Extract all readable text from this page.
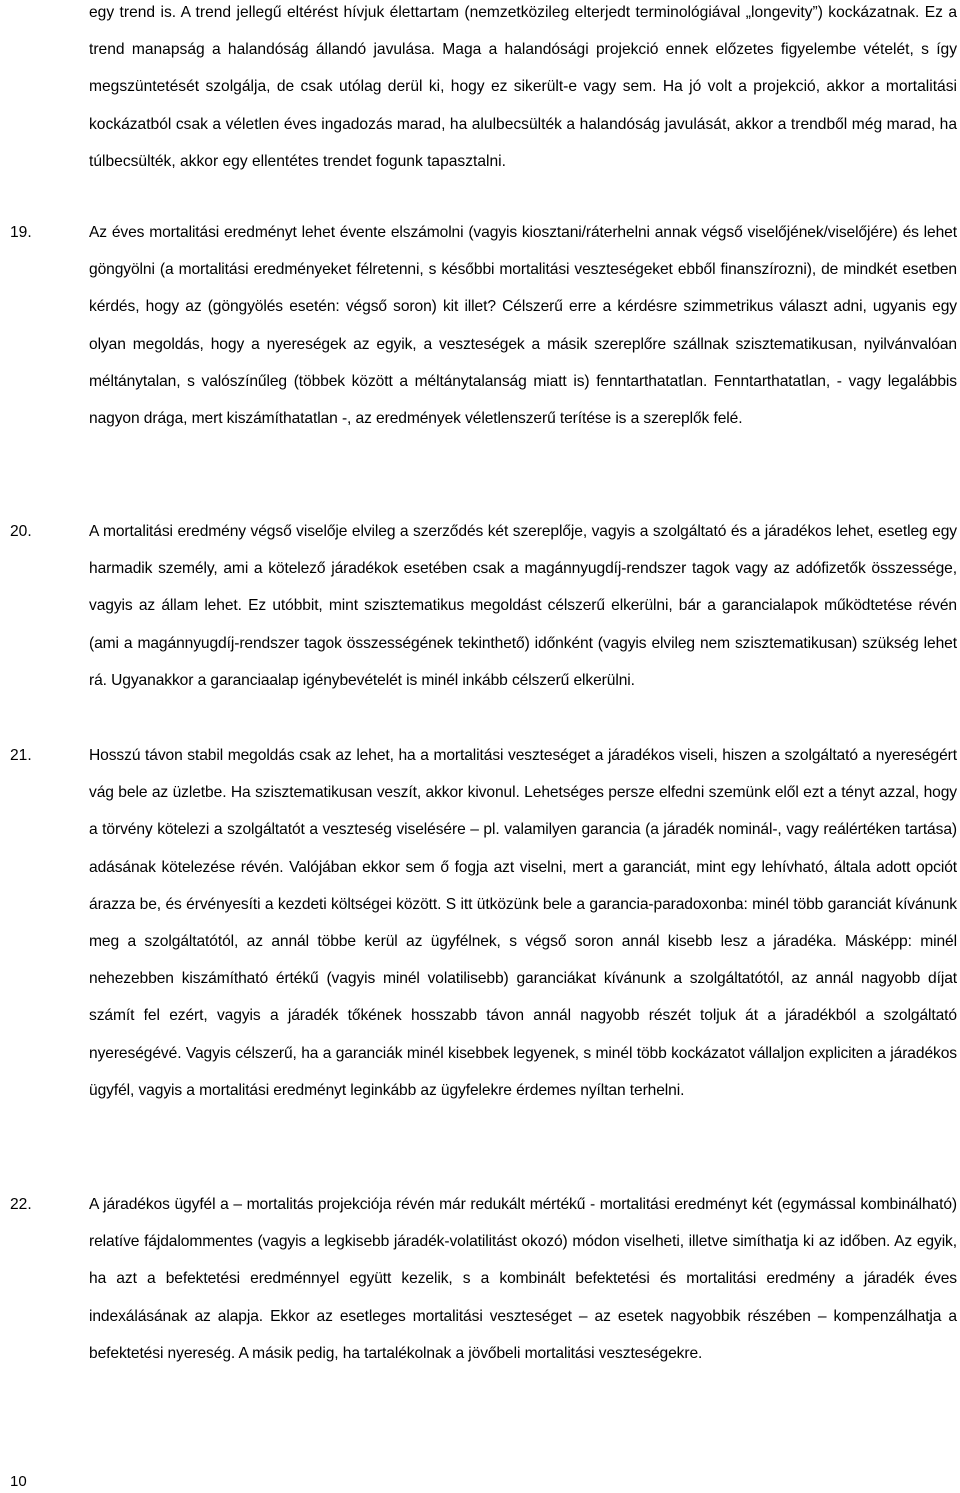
egy trend is. A trend jellegű eltérést hívjuk élettartam (nemzetközileg elterjedt terminológiával „longevity”) kockázatnak. Ez a trend manapság a halandóság állandó javulása. Maga a halandósági projekció ennek előzetes figyelembe vételét, s így megszüntetését szolgálja, de csak utólag derül ki, hogy ez sikerült-e vagy sem. Ha jó volt a projekció, akkor a mortalitási kockázatból csak a véletlen éves ingadozás marad, ha alulbecsülték a halandóság javulását, akkor a trendből még marad, ha túlbecsülték, akkor egy ellentétes trendet fogunk tapasztalni.
19.	Az éves mortalitási eredményt lehet évente elszámolni (vagyis kiosztani/ráterhelni annak végső viselőjének/viselőjére) és lehet göngyölni (a mortalitási eredményeket félretenni, s későbbi mortalitási veszteségeket ebből finanszírozni), de mindkét esetben kérdés, hogy az (göngyölés esetén: végső soron) kit illet? Célszerű erre a kérdésre szimmetrikus választ adni, ugyanis egy olyan megoldás, hogy a nyereségek az egyik, a veszteségek a másik szereplőre szállnak szisztematikusan, nyilvánvalóan méltánytalan, s valószínűleg (többek között a méltánytalanság miatt is) fenntarthatatlan. Fenntarthatatlan, - vagy legalábbis nagyon drága, mert kiszámíthatatlan -, az eredmények véletlenszerű terítése is a szereplők felé.
20.	A mortalitási eredmény végső viselője elvileg a szerződés két szereplője, vagyis a szolgáltató és a járadékos lehet, esetleg egy harmadik személy, ami a kötelező járadékok esetében csak a magánnyugdíj-rendszer tagok vagy az adófizetők összessége, vagyis az állam lehet. Ez utóbbit, mint szisztematikus megoldást célszerű elkerülni, bár a garancialapok működtetése révén (ami a magánnyugdíj-rendszer tagok összességének tekinthető) időnként (vagyis elvileg nem szisztematikusan) szükség lehet rá. Ugyanakkor a garanciaalap igénybevételét is minél inkább célszerű elkerülni.
21.	Hosszú távon stabil megoldás csak az lehet, ha a mortalitási veszteséget a járadékos viseli, hiszen a szolgáltató a nyereségért vág bele az üzletbe. Ha szisztematikusan veszít, akkor kivonul. Lehetséges persze elfedni szemünk elől ezt a tényt azzal, hogy a törvény kötelezi a szolgáltatót a veszteség viselésére – pl. valamilyen garancia (a járadék nominál-, vagy reálértéken tartása) adásának kötelezése révén. Valójában ekkor sem ő fogja azt viselni, mert a garanciát, mint egy lehívható, általa adott opciót árazza be, és érvényesíti a kezdeti költségei között. S itt ütközünk bele a garancia-paradoxonba: minél több garanciát kívánunk meg a szolgáltatótól, az annál többe kerül az ügyfélnek, s végső soron annál kisebb lesz a járadéka. Másképp: minél nehezebben kiszámítható értékű (vagyis minél volatilisebb) garanciákat kívánunk a szolgáltatótól, az annál nagyobb díjat számít fel ezért, vagyis a járadék tőkének hosszabb távon annál nagyobb részét toljuk át a járadékból a szolgáltató nyereségévé. Vagyis célszerű, ha a garanciák minél kisebbek legyenek, s minél több kockázatot vállaljon expliciten a járadékos ügyfél, vagyis a mortalitási eredményt leginkább az ügyfelekre érdemes nyíltan terhelni.
22.	A járadékos ügyfél a – mortalitás projekciója révén már redukált mértékű - mortalitási eredményt két (egymással kombinálható) relatíve fájdalommentes (vagyis a legkisebb járadék-volatilitást okozó) módon viselheti, illetve simíthatja ki az időben. Az egyik, ha azt a befektetési eredménnyel együtt kezelik, s a kombinált befektetési és mortalitási eredmény a járadék éves indexálásának az alapja. Ekkor az esetleges mortalitási veszteséget – az esetek nagyobbik részében – kompenzálhatja a befektetési nyereség. A másik pedig, ha tartalékolnak a jövőbeli mortalitási veszteségekre.
10
